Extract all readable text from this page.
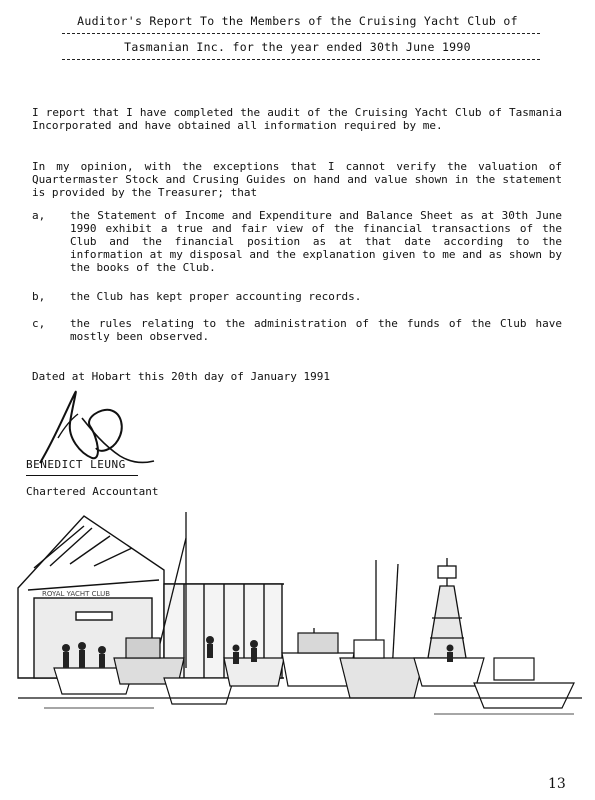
Auditor's Report To the Members of the Cruising Yacht Club of
Tasmanian Inc. for the year ended 30th June 1990
I report that I have completed the audit of the Cruising Yacht Club of Tasmania Incorporated and have obtained all information required by me.
In my opinion, with the exceptions that I cannot verify the valuation of Quartermaster Stock and Crusing Guides on hand and value shown in the statement is provided by the Treasurer; that
a, the Statement of Income and Expenditure and Balance Sheet as at 30th June 1990 exhibit a true and fair view of the financial transactions of the Club and the financial position as at that date according to the information at my disposal and the explanation given to me and as shown by the books of the Club.
b, the Club has kept proper accounting records.
c, the rules relating to the administration of the funds of the Club have mostly been observed.
Dated at Hobart this 20th day of January 1991
BENEDICT LEUNG
Chartered Accountant
ROYAL YACHT CLUB
13
